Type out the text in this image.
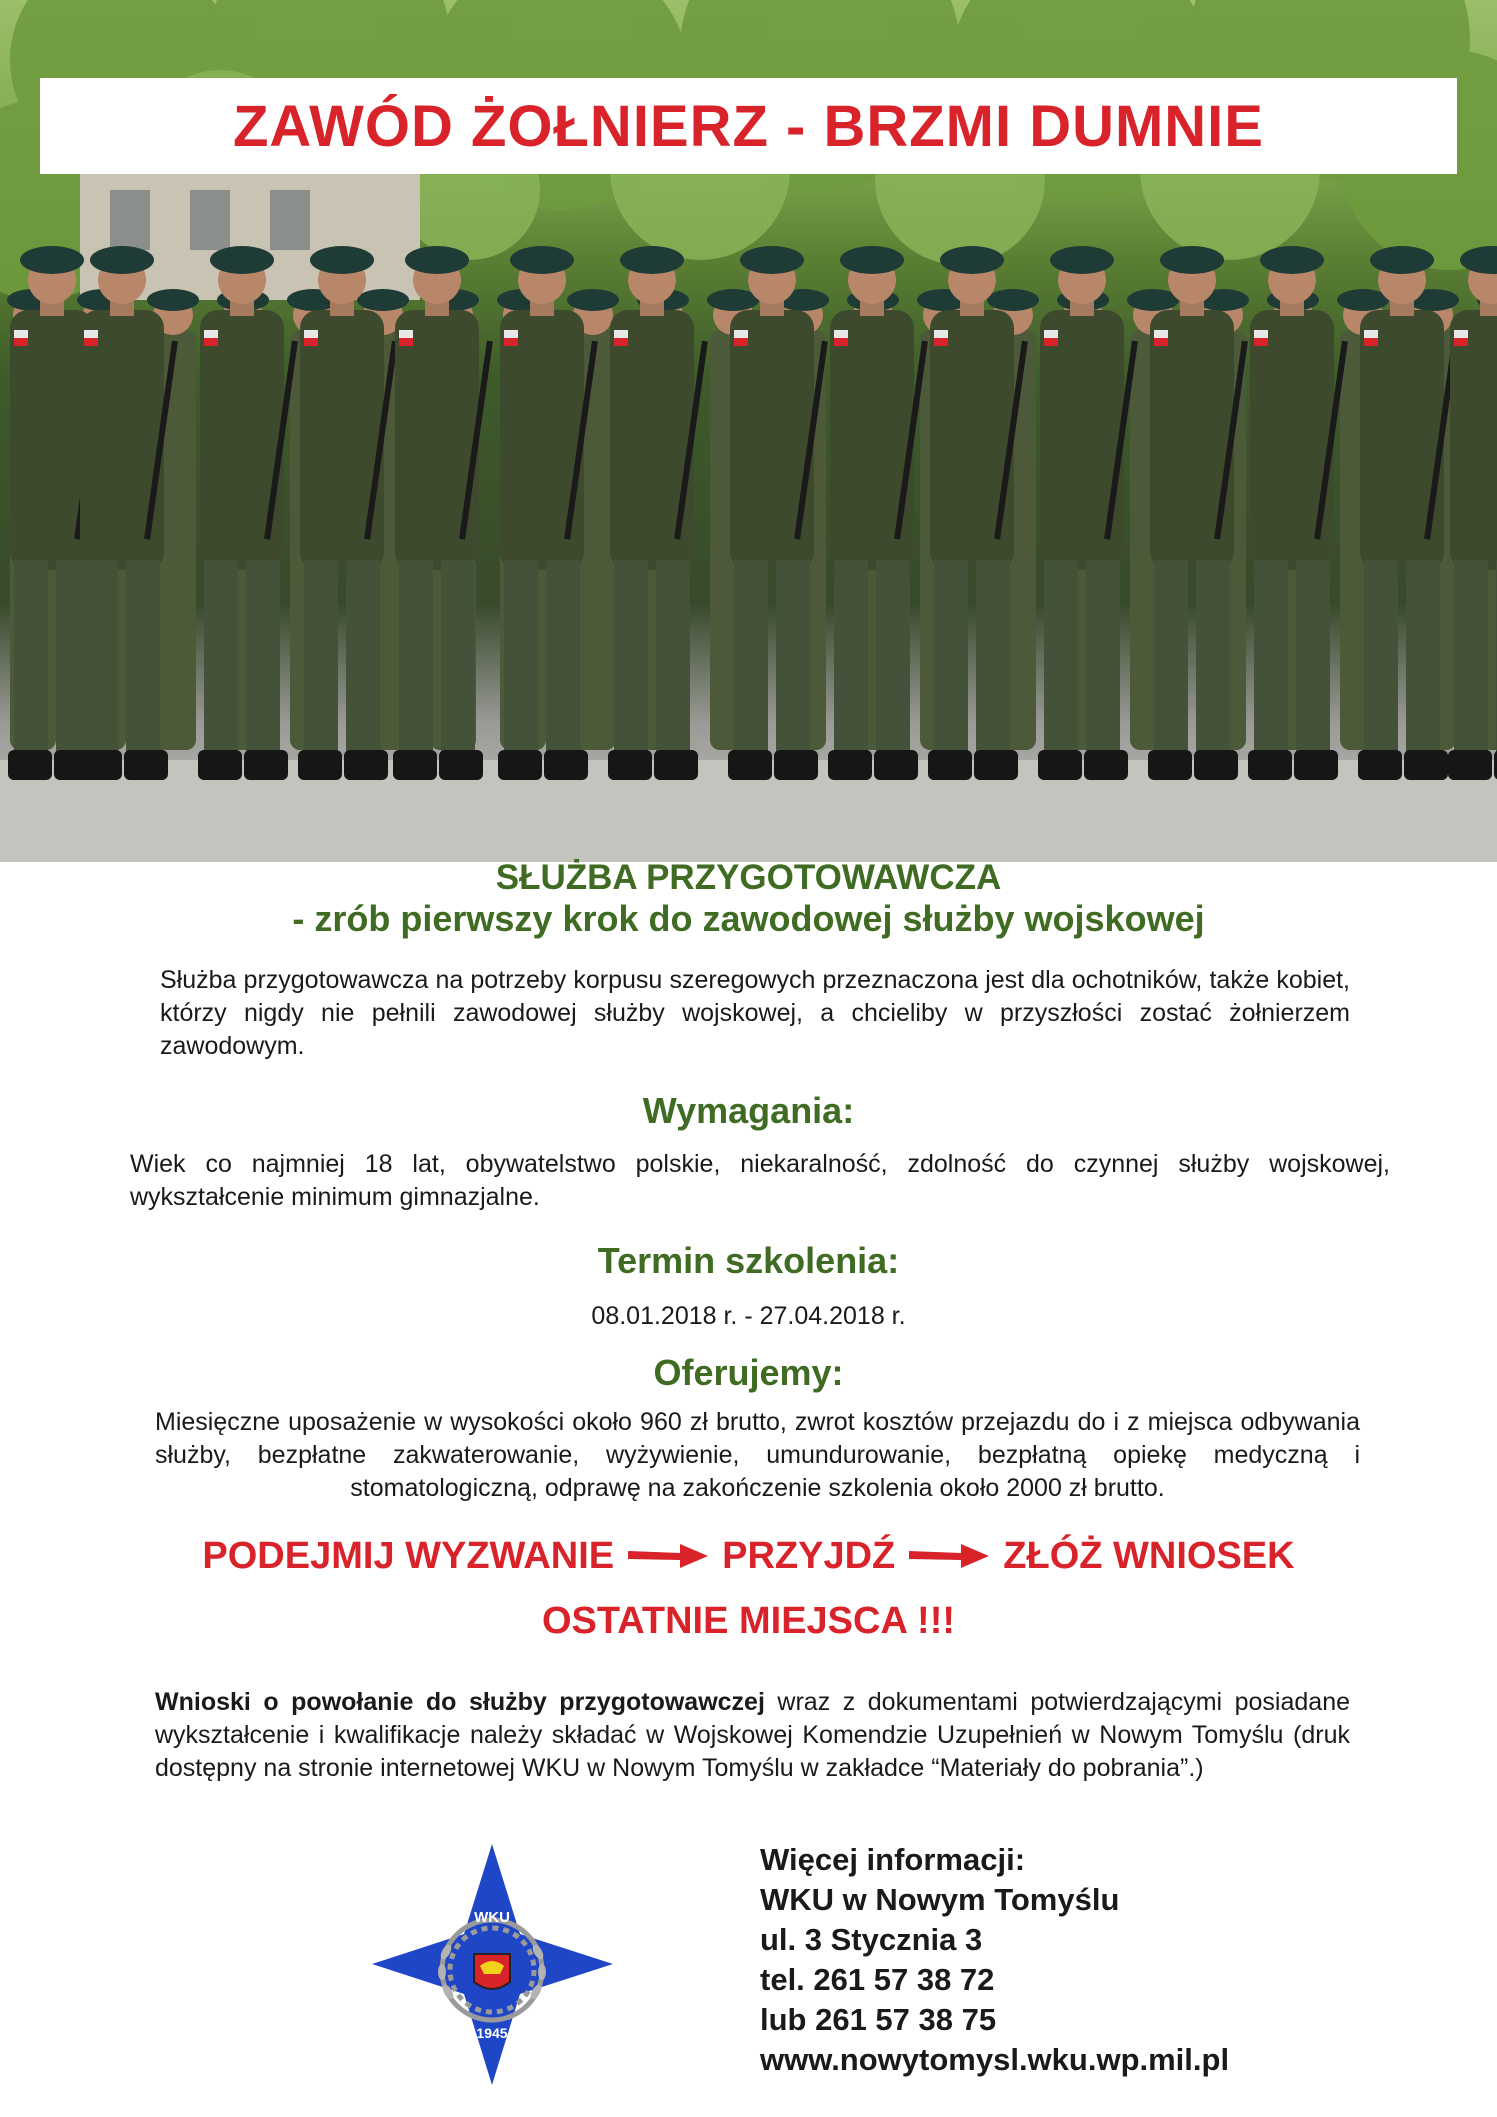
ZAWÓD ŻOŁNIERZ - BRZMI DUMNIE
SŁUŻBA PRZYGOTOWAWCZA
- zrób pierwszy krok do zawodowej służby wojskowej

Służba przygotowawcza na potrzeby korpusu szeregowych przeznaczona jest dla ochotników, także kobiet, którzy nigdy nie pełnili zawodowej służby wojskowej, a chcieliby w przyszłości zostać żołnierzem zawodowym.

Wymagania:

Wiek co najmniej 18 lat, obywatelstwo polskie, niekaralność, zdolność do czynnej służby wojskowej, wykształcenie minimum gimnazjalne.

Termin szkolenia:

08.01.2018 r. - 27.04.2018 r.

Oferujemy:

Miesięczne uposażenie w wysokości około 960 zł brutto, zwrot kosztów przejazdu do i z miejsca odbywania służby, bezpłatne zakwaterowanie, wyżywienie, umundurowanie, bezpłatną opiekę medyczną i stomatologiczną, odprawę na zakończenie szkolenia około 2000 zł brutto.

PODEJMIJ WYZWANIE	PRZYJDŹ	ZŁÓŻ WNIOSEK
OSTATNIE MIEJSCA !!!

Wnioski o powołanie do służby przygotowawczej wraz z dokumentami potwierdzającymi posiadane wykształcenie i kwalifikacje należy składać w Wojskowej Komendzie Uzupełnień w Nowym Tomyślu (druk dostępny na stronie internetowej WKU w Nowym Tomyślu w zakładce “Materiały do pobrania”.)

WKU
1945
Więcej informacji:
WKU w Nowym Tomyślu
ul. 3 Stycznia 3
tel. 261 57 38 72
lub 261 57 38 75
www.nowytomysl.wku.wp.mil.pl
